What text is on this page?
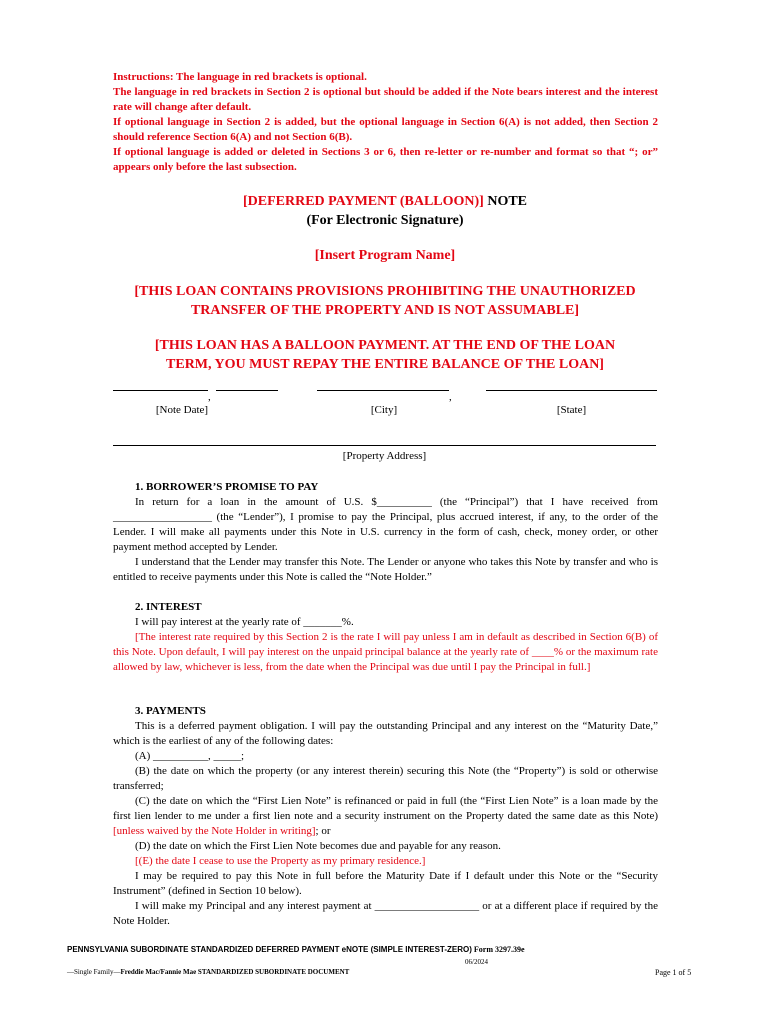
Instructions: The language in red brackets is optional.
The language in red brackets in Section 2 is optional but should be added if the Note bears interest and the interest rate will change after default.
If optional language in Section 2 is added, but the optional language in Section 6(A) is not added, then Section 2 should reference Section 6(A) and not Section 6(B).
If optional language is added or deleted in Sections 3 or 6, then re-letter or re-number and format so that “; or” appears only before the last subsection.
[DEFERRED PAYMENT (BALLOON)] NOTE
(For Electronic Signature)
[Insert Program Name]
[THIS LOAN CONTAINS PROVISIONS PROHIBITING THE UNAUTHORIZED
TRANSFER OF THE PROPERTY AND IS NOT ASSUMABLE]
[THIS LOAN HAS A BALLOON PAYMENT. AT THE END OF THE LOAN
TERM, YOU MUST REPAY THE ENTIRE BALANCE OF THE LOAN]
,	,
[Note Date]	[City]	[State]
[Property Address]

1. BORROWER’S PROMISE TO PAY

In return for a loan in the amount of U.S. $__________ (the “Principal”) that I have received from __________________ (the “Lender”), I promise to pay the Principal, plus accrued interest, if any, to the order of the Lender. I will make all payments under this Note in U.S. currency in the form of cash, check, money order, or other payment method accepted by Lender.

I understand that the Lender may transfer this Note. The Lender or anyone who takes this Note by transfer and who is entitled to receive payments under this Note is called the “Note Holder.”

2. INTEREST

I will pay interest at the yearly rate of _______%.

[The interest rate required by this Section 2 is the rate I will pay unless I am in default as described in Section 6(B) of this Note. Upon default, I will pay interest on the unpaid principal balance at the yearly rate of ____% or the maximum rate allowed by law, whichever is less, from the date when the Principal was due until I pay the Principal in full.]

3. PAYMENTS

This is a deferred payment obligation. I will pay the outstanding Principal and any interest on the “Maturity Date,” which is the earliest of any of the following dates:

(A) __________, _____;

(B) the date on which the property (or any interest therein) securing this Note (the “Property”) is sold or otherwise transferred;

(C) the date on which the “First Lien Note” is refinanced or paid in full (the “First Lien Note” is a loan made by the first lien lender to me under a first lien note and a security instrument on the Property dated the same date as this Note) [unless waived by the Note Holder in writing]; or

(D) the date on which the First Lien Note becomes due and payable for any reason.

[(E) the date I cease to use the Property as my primary residence.]

I may be required to pay this Note in full before the Maturity Date if I default under this Note or the “Security Instrument” (defined in Section 10 below).

I will make my Principal and any interest payment at ___________________ or at a different place if required by the Note Holder.

PENNSYLVANIA SUBORDINATE STANDARDIZED DEFERRED PAYMENT eNOTE (SIMPLE INTEREST-ZERO) Form 3297.39e
06/2024
—Single Family—Freddie Mac/Fannie Mae STANDARDIZED SUBORDINATE DOCUMENT	Page 1 of 5
